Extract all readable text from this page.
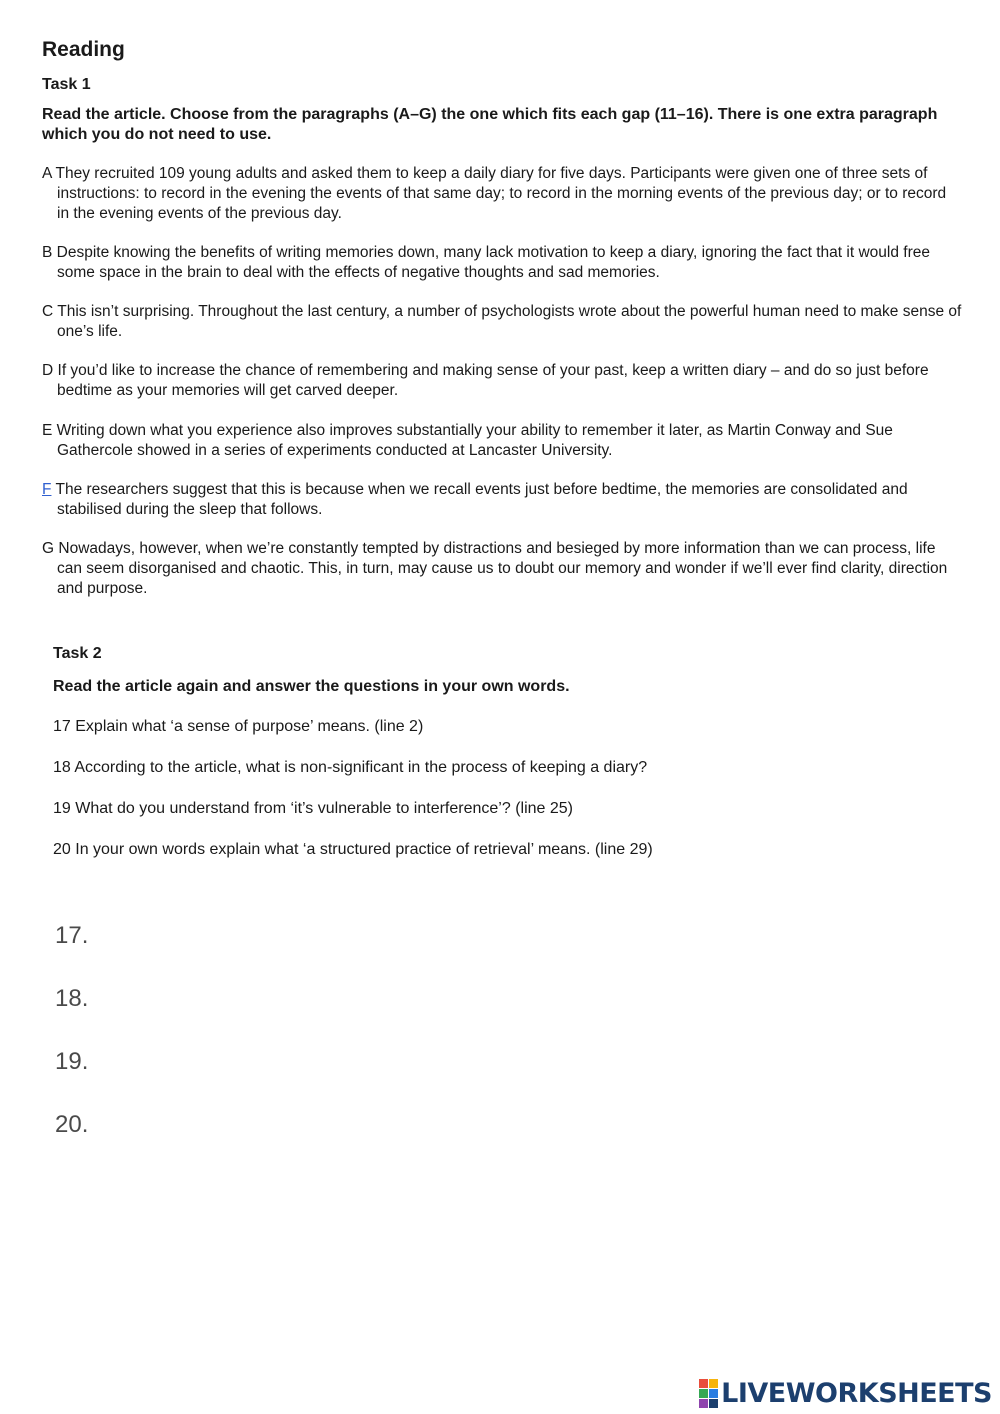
Reading
Task 1
Read the article. Choose from the paragraphs (A–G) the one which fits each gap (11–16). There is one extra paragraph which you do not need to use.
A They recruited 109 young adults and asked them to keep a daily diary for five days. Participants were given one of three sets of instructions: to record in the evening the events of that same day; to record in the morning events of the previous day; or to record in the evening events of the previous day.
B Despite knowing the benefits of writing memories down, many lack motivation to keep a diary, ignoring the fact that it would free some space in the brain to deal with the effects of negative thoughts and sad memories.
C This isn’t surprising. Throughout the last century, a number of psychologists wrote about the powerful human need to make sense of one’s life.
D If you’d like to increase the chance of remembering and making sense of your past, keep a written diary – and do so just before bedtime as your memories will get carved deeper.
E Writing down what you experience also improves substantially your ability to remember it later, as Martin Conway and Sue Gathercole showed in a series of experiments conducted at Lancaster University.
F The researchers suggest that this is because when we recall events just before bedtime, the memories are consolidated and stabilised during the sleep that follows.
G Nowadays, however, when we’re constantly tempted by distractions and besieged by more information than we can process, life can seem disorganised and chaotic. This, in turn, may cause us to doubt our memory and wonder if we’ll ever find clarity, direction and purpose.
Task 2
Read the article again and answer the questions in your own words.
17 Explain what ‘a sense of purpose’ means. (line 2)
18 According to the article, what is non-significant in the process of keeping a diary?
19 What do you understand from ‘it’s vulnerable to interference’? (line 25)
20 In your own words explain what ‘a structured practice of retrieval’ means. (line 29)
17.
18.
19.
20.
LIVEWORKSHEETS
